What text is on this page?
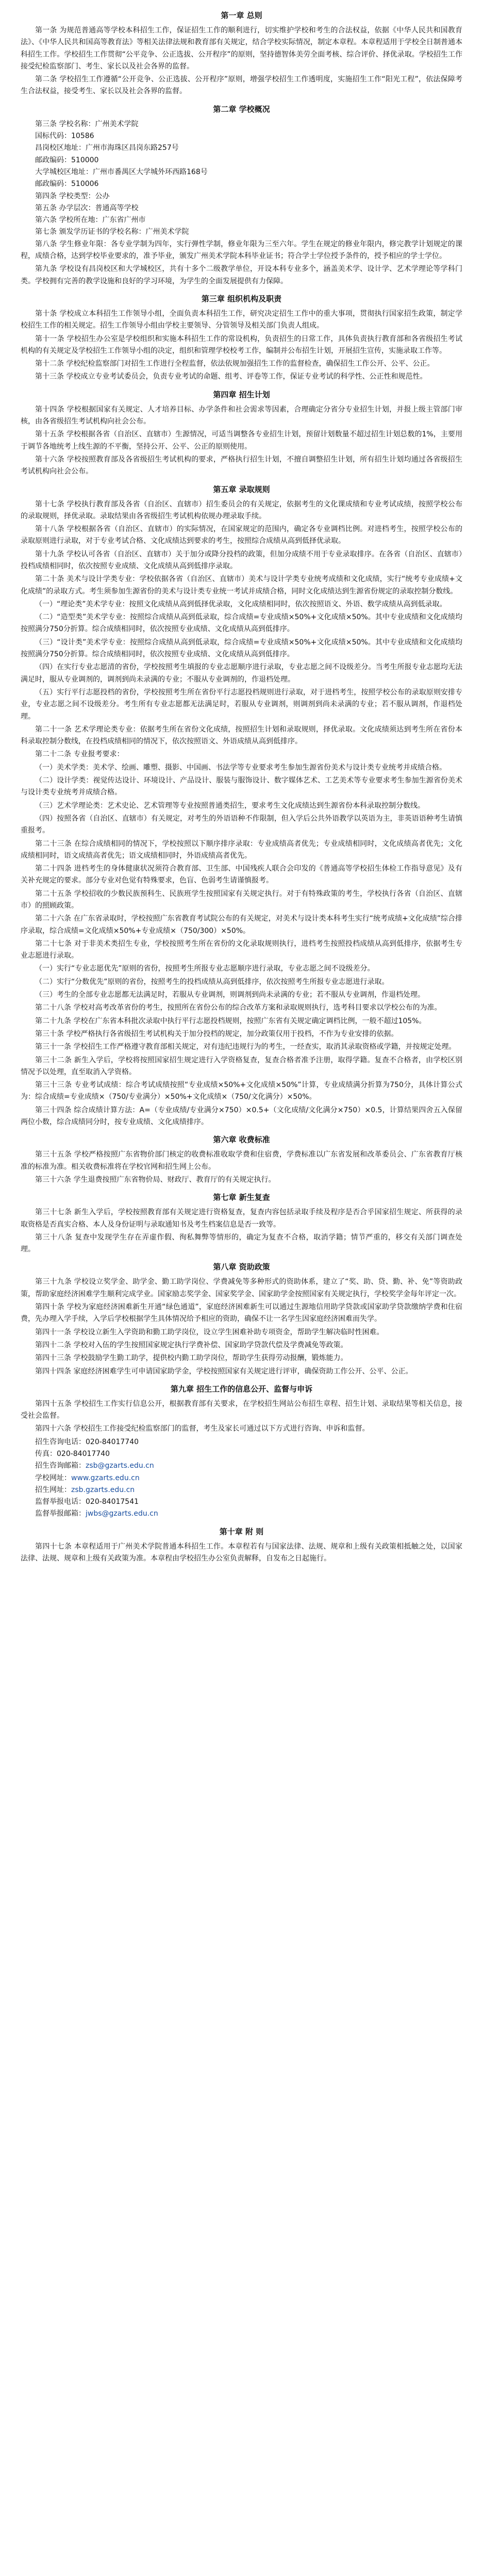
第一章 总则

第一条 为规范普通高等学校本科招生工作，保证招生工作的顺利进行，切实维护学校和考生的合法权益，依据《中华人民共和国教育法》、《中华人民共和国高等教育法》等相关法律法规和教育部有关规定，结合学校实际情况，制定本章程。本章程适用于学校全日制普通本科招生工作。学校招生工作贯彻“公平竞争、公正选拔、公开程序”的原则，坚持德智体美劳全面考核、综合评价、择优录取。学校招生工作接受纪检监察部门、考生、家长以及社会各界的监督。

第二条 学校招生工作遵循“公开竞争、公正选拔、公开程序”原则，增强学校招生工作透明度，实施招生工作“阳光工程”，依法保障考生合法权益，接受考生、家长以及社会各界的监督。

第二章 学校概况

第三条 学校名称：广州美术学院

国标代码：10586

昌岗校区地址：广州市海珠区昌岗东路257号

邮政编码：510000

大学城校区地址：广州市番禺区大学城外环西路168号

邮政编码：510006

第四条 学校类型：公办

第五条 办学层次：普通高等学校

第六条 学校所在地：广东省广州市

第七条 颁发学历证书的学校名称：广州美术学院

第八条 学生修业年限：各专业学制为四年，实行弹性学制，修业年限为三至六年。学生在规定的修业年限内，修完教学计划规定的课程，成绩合格，达到学校毕业要求的，准予毕业，颁发广州美术学院本科毕业证书；符合学士学位授予条件的，授予相应的学士学位。

第九条 学校设有昌岗校区和大学城校区，共有十多个二级教学单位，开设本科专业多个，涵盖美术学、设计学、艺术学理论等学科门类。学校拥有完善的教学设施和良好的学习环境，为学生的全面发展提供有力保障。

第三章 组织机构及职责

第十条 学校成立本科招生工作领导小组，全面负责本科招生工作，研究决定招生工作中的重大事项，贯彻执行国家招生政策，制定学校招生工作的相关规定。招生工作领导小组由学校主要领导、分管领导及相关部门负责人组成。

第十一条 学校招生办公室是学校组织和实施本科招生工作的常设机构，负责招生的日常工作，具体负责执行教育部和各省级招生考试机构的有关规定及学校招生工作领导小组的决定，组织和管理学校校考工作，编制并公布招生计划，开展招生宣传，实施录取工作等。

第十二条 学校纪检监察部门对招生工作进行全程监督，依法依规加强招生工作的监督检查，确保招生工作公开、公平、公正。

第十三条 学校成立专业考试委员会，负责专业考试的命题、组考、评卷等工作，保证专业考试的科学性、公正性和规范性。

第四章 招生计划

第十四条 学校根据国家有关规定、人才培养目标、办学条件和社会需求等因素，合理确定分省分专业招生计划，并报上级主管部门审核，由各省级招生考试机构向社会公布。

第十五条 学校根据各省（自治区、直辖市）生源情况，可适当调整各专业招生计划，预留计划数量不超过招生计划总数的1%，主要用于调节各地统考上线生源的不平衡，坚持公开、公平、公正的原则使用。

第十六条 学校按照教育部及各省级招生考试机构的要求，严格执行招生计划，不擅自调整招生计划，所有招生计划均通过各省级招生考试机构向社会公布。

第五章 录取规则

第十七条 学校执行教育部及各省（自治区、直辖市）招生委员会的有关规定，依据考生的文化课成绩和专业考试成绩，按照学校公布的录取规则，择优录取。录取结果由各省级招生考试机构依规办理录取手续。

第十八条 学校根据各省（自治区、直辖市）的实际情况，在国家规定的范围内，确定各专业调档比例。对进档考生，按照学校公布的录取原则进行录取，对于专业考试合格、文化成绩达到要求的考生，按照综合成绩从高到低择优录取。

第十九条 学校认可各省（自治区、直辖市）关于加分或降分投档的政策，但加分成绩不用于专业录取排序。在各省（自治区、直辖市）投档成绩相同时，依次按照专业成绩、文化成绩从高到低排序录取。

第二十条 美术与设计学类专业：学校依据各省（自治区、直辖市）美术与设计学类专业统考成绩和文化成绩，实行“统考专业成绩+文化成绩”的录取方式。考生须参加生源省份的美术与设计类专业统一考试并成绩合格，同时文化成绩达到生源省份规定的录取控制分数线。

（一）“理论类”美术学专业：按照文化成绩从高到低择优录取，文化成绩相同时，依次按照语文、外语、数学成绩从高到低录取。

（二）“造型类”美术学专业：按照综合成绩从高到低录取，综合成绩=专业成绩×50%+文化成绩×50%。其中专业成绩和文化成绩均按照满分750分折算。综合成绩相同时，依次按照专业成绩、文化成绩从高到低排序。

（三）“设计类”美术学专业：按照综合成绩从高到低录取，综合成绩=专业成绩×50%+文化成绩×50%。其中专业成绩和文化成绩均按照满分750分折算。综合成绩相同时，依次按照专业成绩、文化成绩从高到低排序。

（四）在实行专业志愿清的省份，学校按照考生填报的专业志愿顺序进行录取，专业志愿之间不设级差分。当考生所报专业志愿均无法满足时，服从专业调剂的，调剂到尚未录满的专业；不服从专业调剂的，作退档处理。

（五）实行平行志愿投档的省份，学校按照考生所在省份平行志愿投档规则进行录取，对于进档考生，按照学校公布的录取原则安排专业，专业志愿之间不设级差分。考生所有专业志愿都无法满足时，若服从专业调剂，则调剂到尚未录满的专业；若不服从调剂，作退档处理。

第二十一条 艺术学理论类专业：依据考生所在省份文化成绩，按照招生计划和录取规则，择优录取。文化成绩须达到考生所在省份本科录取控制分数线，在投档成绩相同的情况下，依次按照语文、外语成绩从高到低排序。

第二十二条 专业报考要求：

（一）美术学类：美术学、绘画、雕塑、摄影、中国画、书法学等专业要求考生参加生源省份美术与设计类专业统考并成绩合格。

（二）设计学类：视觉传达设计、环境设计、产品设计、服装与服饰设计、数字媒体艺术、工艺美术等专业要求考生参加生源省份美术与设计类专业统考并成绩合格。

（三）艺术学理论类：艺术史论、艺术管理等专业按照普通类招生，要求考生文化成绩达到生源省份本科录取控制分数线。

（四）按照各省（自治区、直辖市）有关规定，对考生的外语语种不作限制，但入学后公共外语教学以英语为主，非英语语种考生请慎重报考。

第二十三条 在综合成绩相同的情况下，学校按照以下顺序排序录取：专业成绩高者优先；专业成绩相同时，文化成绩高者优先；文化成绩相同时，语文成绩高者优先；语文成绩相同时，外语成绩高者优先。

第二十四条 进档考生的身体健康状况须符合教育部、卫生部、中国残疾人联合会印发的《普通高等学校招生体检工作指导意见》及有关补充规定的要求。部分专业对色觉有特殊要求，色盲、色弱考生请谨慎报考。

第二十五条 学校招收的少数民族预科生、民族班学生按照国家有关规定执行。对于有特殊政策的考生，学校执行各省（自治区、直辖市）的照顾政策。

第二十六条 在广东省录取时，学校按照广东省教育考试院公布的有关规定，对美术与设计类本科考生实行“统考成绩+文化成绩”综合排序录取，综合成绩=文化成绩×50%+专业成绩×（750/300）×50%。

第二十七条 对于非美术类招生专业，学校按照考生所在省份的文化录取规则执行，进档考生按照投档成绩从高到低排序，依据考生专业志愿进行录取。

（一）实行“专业志愿优先”原则的省份，按照考生所报专业志愿顺序进行录取，专业志愿之间不设级差分。

（二）实行“分数优先”原则的省份，按照考生的投档成绩从高到低排序，依次按照考生所报专业志愿进行录取。

（三）考生的全部专业志愿都无法满足时，若服从专业调剂，则调剂到尚未录满的专业；若不服从专业调剂，作退档处理。

第二十八条 学校对高考改革省份的考生，按照所在省份公布的综合改革方案和录取规则执行，选考科目要求以学校公布的为准。

第二十九条 学校在广东省本科批次录取中执行平行志愿投档规则，按照广东省有关规定确定调档比例，一般不超过105%。

第三十条 学校严格执行各省级招生考试机构关于加分投档的规定，加分政策仅用于投档，不作为专业安排的依据。

第三十一条 学校招生工作严格遵守教育部相关规定，对有违纪违规行为的考生，一经查实，取消其录取资格或学籍，并按规定处理。

第三十二条 新生入学后，学校将按照国家招生规定进行入学资格复查，复查合格者准予注册，取得学籍。复查不合格者，由学校区别情况予以处理，直至取消入学资格。

第三十三条 专业考试成绩：综合考试成绩按照“专业成绩×50%+文化成绩×50%”计算，专业成绩满分折算为750分，具体计算公式为：综合成绩=专业成绩×（750/专业满分）×50%+文化成绩×（750/文化满分）×50%。

第三十四条 综合成绩计算方法：A=（专业成绩/专业满分×750）×0.5+（文化成绩/文化满分×750）×0.5，计算结果四舍五入保留两位小数，综合成绩同分时，按专业成绩、文化成绩排序。

第六章 收费标准

第三十五条 学校严格按照广东省物价部门核定的收费标准收取学费和住宿费，学费标准以广东省发展和改革委员会、广东省教育厅核准的标准为准。相关收费标准将在学校官网和招生网上公布。

第三十六条 学生退费按照广东省物价局、财政厅、教育厅的有关规定执行。

第七章 新生复查

第三十七条 新生入学后，学校按照教育部有关规定进行资格复查，复查内容包括录取手续及程序是否合乎国家招生规定、所获得的录取资格是否真实合格、本人及身份证明与录取通知书及考生档案信息是否一致等。

第三十八条 复查中发现学生存在弄虚作假、徇私舞弊等情形的，确定为复查不合格，取消学籍；情节严重的，移交有关部门调查处理。

第八章 资助政策

第三十九条 学校设立奖学金、助学金、勤工助学岗位、学费减免等多种形式的资助体系，建立了“奖、助、贷、勤、补、免”等资助政策，帮助家庭经济困难学生顺利完成学业。国家励志奖学金、国家奖学金、国家助学金按照国家有关规定执行，学校奖学金每年评定一次。

第四十条 学校为家庭经济困难新生开通“绿色通道”，家庭经济困难新生可以通过生源地信用助学贷款或国家助学贷款缴纳学费和住宿费，先办理入学手续，入学后学校根据学生具体情况给予相应的资助，确保不让一名学生因家庭经济困难而失学。

第四十一条 学校设立新生入学资助和勤工助学岗位，设立学生困难补助专项资金，帮助学生解决临时性困难。

第四十二条 学校对入伍的学生按照国家规定执行学费补偿、国家助学贷款代偿及学费减免等政策。

第四十三条 学校鼓励学生勤工助学，提供校内勤工助学岗位，帮助学生获得劳动报酬，锻炼能力。

第四十四条 家庭经济困难学生可申请国家助学金，学校按照国家有关规定进行评审，确保资助工作公开、公平、公正。

第九章 招生工作的信息公开、监督与申诉

第四十五条 学校招生工作实行信息公开，根据教育部有关要求，在学校招生网站公布招生章程、招生计划、录取结果等相关信息，接受社会监督。

第四十六条 学校招生工作接受纪检监察部门的监督，考生及家长可通过以下方式进行咨询、申诉和监督。

招生咨询电话：020-84017740

传真：020-84017740

招生咨询邮箱：zsb@gzarts.edu.cn

学校网址：www.gzarts.edu.cn

招生网址：zsb.gzarts.edu.cn

监督举报电话：020-84017541

监督举报邮箱：jwbs@gzarts.edu.cn

第十章 附 则

第四十七条 本章程适用于广州美术学院普通本科招生工作。本章程若有与国家法律、法规、规章和上级有关政策相抵触之处，以国家法律、法规、规章和上级有关政策为准。本章程由学校招生办公室负责解释，自发布之日起施行。
